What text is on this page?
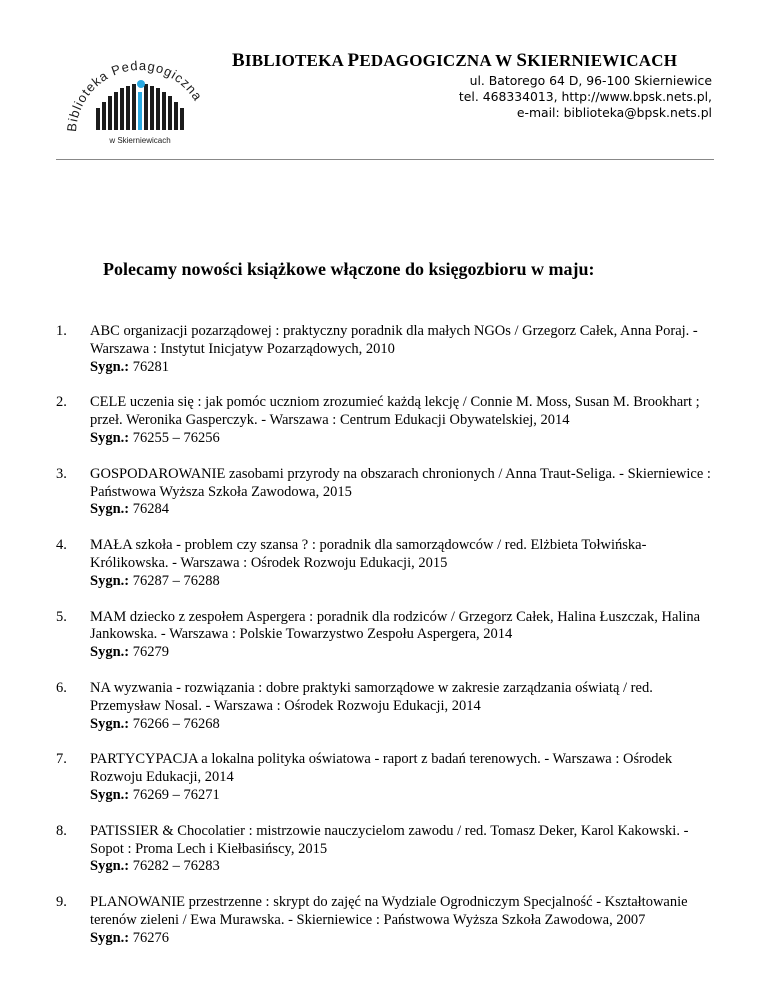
Biblioteka Pedagogiczna
w Skierniewicach
BIBLIOTEKA PEDAGOGICZNA W SKIERNIEWICACH
ul. Batorego 64 D, 96-100 Skierniewice
tel. 468334013, http://www.bpsk.nets.pl,
e-mail: biblioteka@bpsk.nets.pl
Polecamy nowości książkowe włączone do księgozbioru w maju:
1.	ABC organizacji pozarządowej : praktyczny poradnik dla małych NGOs / Grzegorz Całek, Anna Poraj. - Warszawa : Instytut Inicjatyw Pozarządowych, 2010
Sygn.: 76281
2.	CELE uczenia się : jak pomóc uczniom zrozumieć każdą lekcję / Connie M. Moss, Susan M. Brookhart ; przeł. Weronika Gasperczyk. - Warszawa : Centrum Edukacji Obywatelskiej, 2014
Sygn.: 76255 – 76256
3.	GOSPODAROWANIE zasobami przyrody na obszarach chronionych / Anna Traut-Seliga. - Skierniewice : Państwowa Wyższa Szkoła Zawodowa, 2015
Sygn.: 76284
4.	MAŁA szkoła - problem czy szansa ? : poradnik dla samorządowców / red. Elżbieta Tołwińska-Królikowska. - Warszawa : Ośrodek Rozwoju Edukacji, 2015
Sygn.: 76287 – 76288
5.	MAM dziecko z zespołem Aspergera : poradnik dla rodziców / Grzegorz Całek, Halina Łuszczak, Halina Jankowska. - Warszawa : Polskie Towarzystwo Zespołu Aspergera, 2014
Sygn.: 76279
6.	NA wyzwania - rozwiązania : dobre praktyki samorządowe w zakresie zarządzania oświatą / red. Przemysław Nosal. - Warszawa : Ośrodek Rozwoju Edukacji, 2014
Sygn.: 76266 – 76268
7.	PARTYCYPACJA a lokalna polityka oświatowa - raport z badań terenowych. - Warszawa : Ośrodek Rozwoju Edukacji, 2014
Sygn.: 76269 – 76271
8.	PATISSIER & Chocolatier : mistrzowie nauczycielom zawodu / red. Tomasz Deker, Karol Kakowski. - Sopot : Proma Lech i Kiełbasińscy, 2015
Sygn.: 76282 – 76283
9.	PLANOWANIE przestrzenne : skrypt do zajęć na Wydziale Ogrodniczym Specjalność - Kształtowanie terenów zieleni / Ewa Murawska. - Skierniewice : Państwowa Wyższa Szkoła Zawodowa, 2007
Sygn.: 76276
